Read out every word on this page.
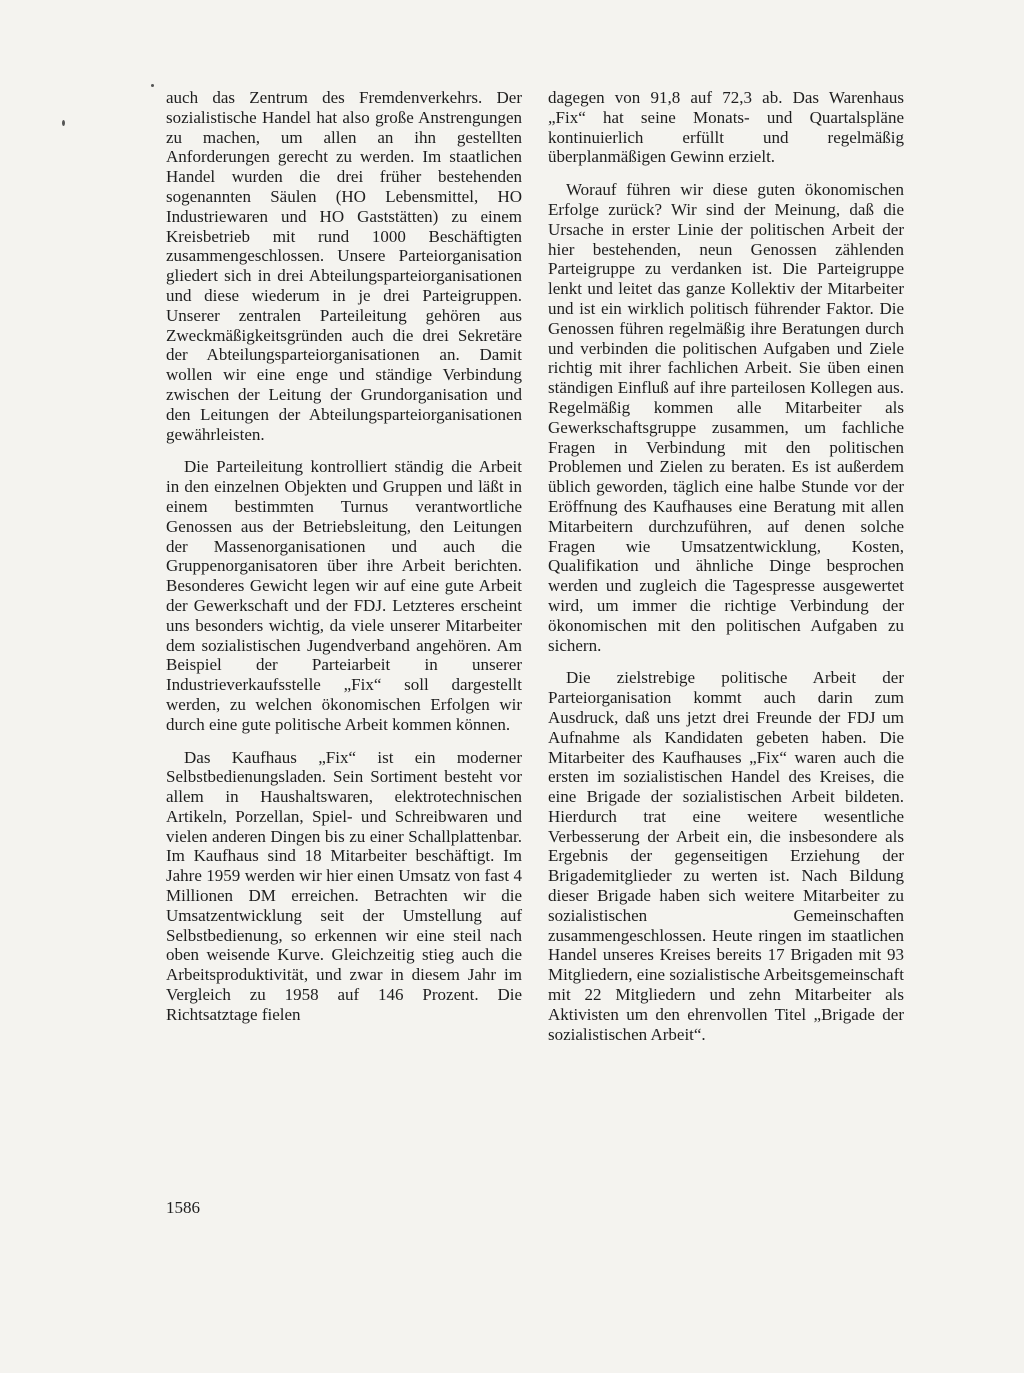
auch das Zentrum des Fremdenverkehrs. Der sozialistische Handel hat also große Anstrengungen zu machen, um allen an ihn gestellten Anforderungen gerecht zu werden. Im staatlichen Handel wurden die drei früher bestehenden sogenannten Säulen (HO Lebensmittel, HO Industriewaren und HO Gaststätten) zu einem Kreisbetrieb mit rund 1000 Beschäftigten zusammengeschlossen. Unsere Parteiorganisation gliedert sich in drei Abteilungsparteiorganisationen und diese wiederum in je drei Parteigruppen. Unserer zentralen Parteileitung gehören aus Zweckmäßigkeitsgründen auch die drei Sekretäre der Abteilungsparteiorganisationen an. Damit wollen wir eine enge und ständige Verbindung zwischen der Leitung der Grundorganisation und den Leitungen der Abteilungsparteiorganisationen gewährleisten.

Die Parteileitung kontrolliert ständig die Arbeit in den einzelnen Objekten und Gruppen und läßt in einem bestimmten Turnus verantwortliche Genossen aus der Betriebsleitung, den Leitungen der Massenorganisationen und auch die Gruppenorganisatoren über ihre Arbeit berichten. Besonderes Gewicht legen wir auf eine gute Arbeit der Gewerkschaft und der FDJ. Letzteres erscheint uns besonders wichtig, da viele unserer Mitarbeiter dem sozialistischen Jugendverband angehören. Am Beispiel der Parteiarbeit in unserer Industrieverkaufsstelle „Fix“ soll dargestellt werden, zu welchen ökonomischen Erfolgen wir durch eine gute politische Arbeit kommen können.

Das Kaufhaus „Fix“ ist ein moderner Selbstbedienungsladen. Sein Sortiment besteht vor allem in Haushaltswaren, elektrotechnischen Artikeln, Porzellan, Spiel- und Schreibwaren und vielen anderen Dingen bis zu einer Schallplattenbar. Im Kaufhaus sind 18 Mitarbeiter beschäftigt. Im Jahre 1959 werden wir hier einen Umsatz von fast 4 Millionen DM erreichen. Betrachten wir die Umsatzentwicklung seit der Umstellung auf Selbstbedienung, so erkennen wir eine steil nach oben weisende Kurve. Gleichzeitig stieg auch die Arbeitsproduktivität, und zwar in diesem Jahr im Vergleich zu 1958 auf 146 Prozent. Die Richtsatztage fielen

dagegen von 91,8 auf 72,3 ab. Das Warenhaus „Fix“ hat seine Monats- und Quartalspläne kontinuierlich erfüllt und regelmäßig überplanmäßigen Gewinn erzielt.

Worauf führen wir diese guten ökonomischen Erfolge zurück? Wir sind der Meinung, daß die Ursache in erster Linie der politischen Arbeit der hier bestehenden, neun Genossen zählenden Parteigruppe zu verdanken ist. Die Parteigruppe lenkt und leitet das ganze Kollektiv der Mitarbeiter und ist ein wirklich politisch führender Faktor. Die Genossen führen regelmäßig ihre Beratungen durch und verbinden die politischen Aufgaben und Ziele richtig mit ihrer fachlichen Arbeit. Sie üben einen ständigen Einfluß auf ihre parteilosen Kollegen aus. Regelmäßig kommen alle Mitarbeiter als Gewerkschaftsgruppe zusammen, um fachliche Fragen in Verbindung mit den politischen Problemen und Zielen zu beraten. Es ist außerdem üblich geworden, täglich eine halbe Stunde vor der Eröffnung des Kaufhauses eine Beratung mit allen Mitarbeitern durchzuführen, auf denen solche Fragen wie Umsatzentwicklung, Kosten, Qualifikation und ähnliche Dinge besprochen werden und zugleich die Tagespresse ausgewertet wird, um immer die richtige Verbindung der ökonomischen mit den politischen Aufgaben zu sichern.

Die zielstrebige politische Arbeit der Parteiorganisation kommt auch darin zum Ausdruck, daß uns jetzt drei Freunde der FDJ um Aufnahme als Kandidaten gebeten haben. Die Mitarbeiter des Kaufhauses „Fix“ waren auch die ersten im sozialistischen Handel des Kreises, die eine Brigade der sozialistischen Arbeit bildeten. Hierdurch trat eine weitere wesentliche Verbesserung der Arbeit ein, die insbesondere als Ergebnis der gegenseitigen Erziehung der Brigademitglieder zu werten ist. Nach Bildung dieser Brigade haben sich weitere Mitarbeiter zu sozialistischen Gemeinschaften zusammengeschlossen. Heute ringen im staatlichen Handel unseres Kreises bereits 17 Brigaden mit 93 Mitgliedern, eine sozialistische Arbeitsgemeinschaft mit 22 Mitgliedern und zehn Mitarbeiter als Aktivisten um den ehrenvollen Titel „Brigade der sozialistischen Arbeit“.

1586
